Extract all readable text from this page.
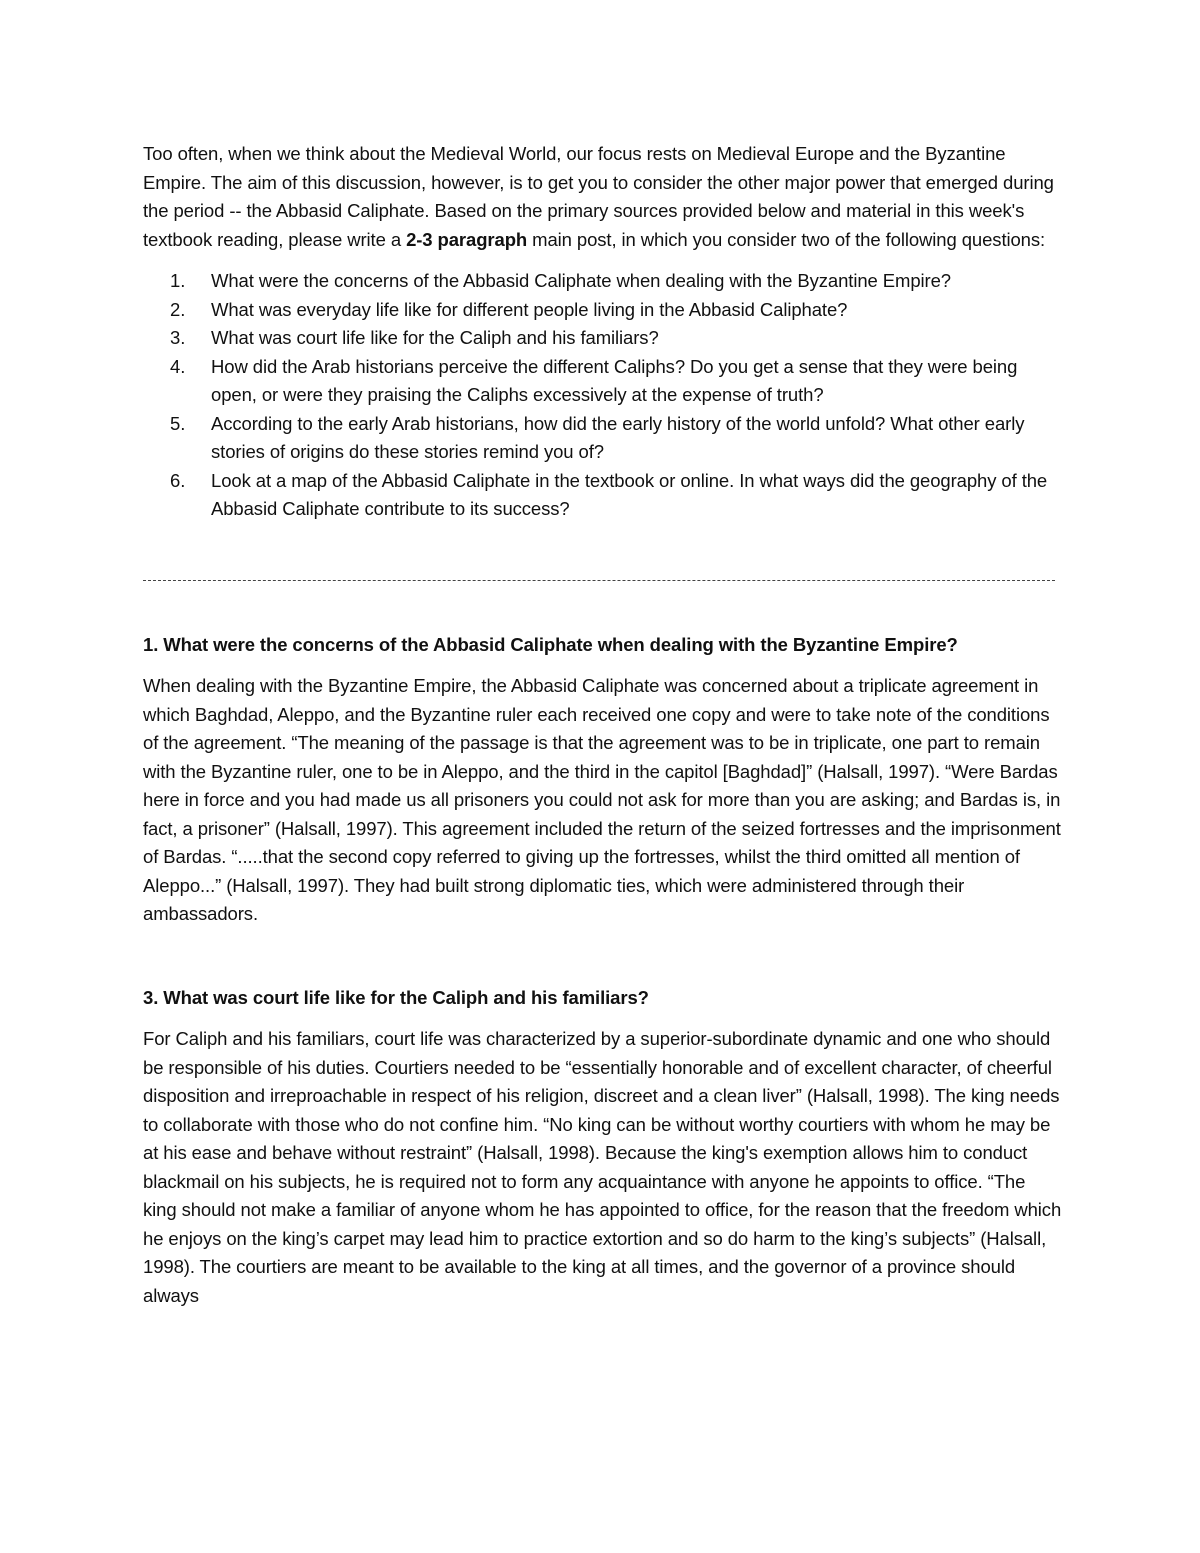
Too often, when we think about the Medieval World, our focus rests on Medieval Europe and the Byzantine Empire. The aim of this discussion, however, is to get you to consider the other major power that emerged during the period -- the Abbasid Caliphate. Based on the primary sources provided below and material in this week's textbook reading, please write a 2-3 paragraph main post, in which you consider two of the following questions:

1. What were the concerns of the Abbasid Caliphate when dealing with the Byzantine Empire?
2. What was everyday life like for different people living in the Abbasid Caliphate?
3. What was court life like for the Caliph and his familiars?
4. How did the Arab historians perceive the different Caliphs? Do you get a sense that they were being open, or were they praising the Caliphs excessively at the expense of truth?
5. According to the early Arab historians, how did the early history of the world unfold? What other early stories of origins do these stories remind you of?
6. Look at a map of the Abbasid Caliphate in the textbook or online. In what ways did the geography of the Abbasid Caliphate contribute to its success?

1. What were the concerns of the Abbasid Caliphate when dealing with the Byzantine Empire?

When dealing with the Byzantine Empire, the Abbasid Caliphate was concerned about a triplicate agreement in which Baghdad, Aleppo, and the Byzantine ruler each received one copy and were to take note of the conditions of the agreement. “The meaning of the passage is that the agreement was to be in triplicate, one part to remain with the Byzantine ruler, one to be in Aleppo, and the third in the capitol [Baghdad]” (Halsall, 1997). “Were Bardas here in force and you had made us all prisoners you could not ask for more than you are asking; and Bardas is, in fact, a prisoner” (Halsall, 1997). This agreement included the return of the seized fortresses and the imprisonment of Bardas. “.....that the second copy referred to giving up the fortresses, whilst the third omitted all mention of Aleppo...” (Halsall, 1997). They had built strong diplomatic ties, which were administered through their ambassadors.

3. What was court life like for the Caliph and his familiars?

For Caliph and his familiars, court life was characterized by a superior-subordinate dynamic and one who should be responsible of his duties. Courtiers needed to be “essentially honorable and of excellent character, of cheerful disposition and irreproachable in respect of his religion, discreet and a clean liver” (Halsall, 1998). The king needs to collaborate with those who do not confine him. “No king can be without worthy courtiers with whom he may be at his ease and behave without restraint” (Halsall, 1998). Because the king's exemption allows him to conduct blackmail on his subjects, he is required not to form any acquaintance with anyone he appoints to office. “The king should not make a familiar of anyone whom he has appointed to office, for the reason that the freedom which he enjoys on the king’s carpet may lead him to practice extortion and so do harm to the king’s subjects” (Halsall, 1998). The courtiers are meant to be available to the king at all times, and the governor of a province should always
